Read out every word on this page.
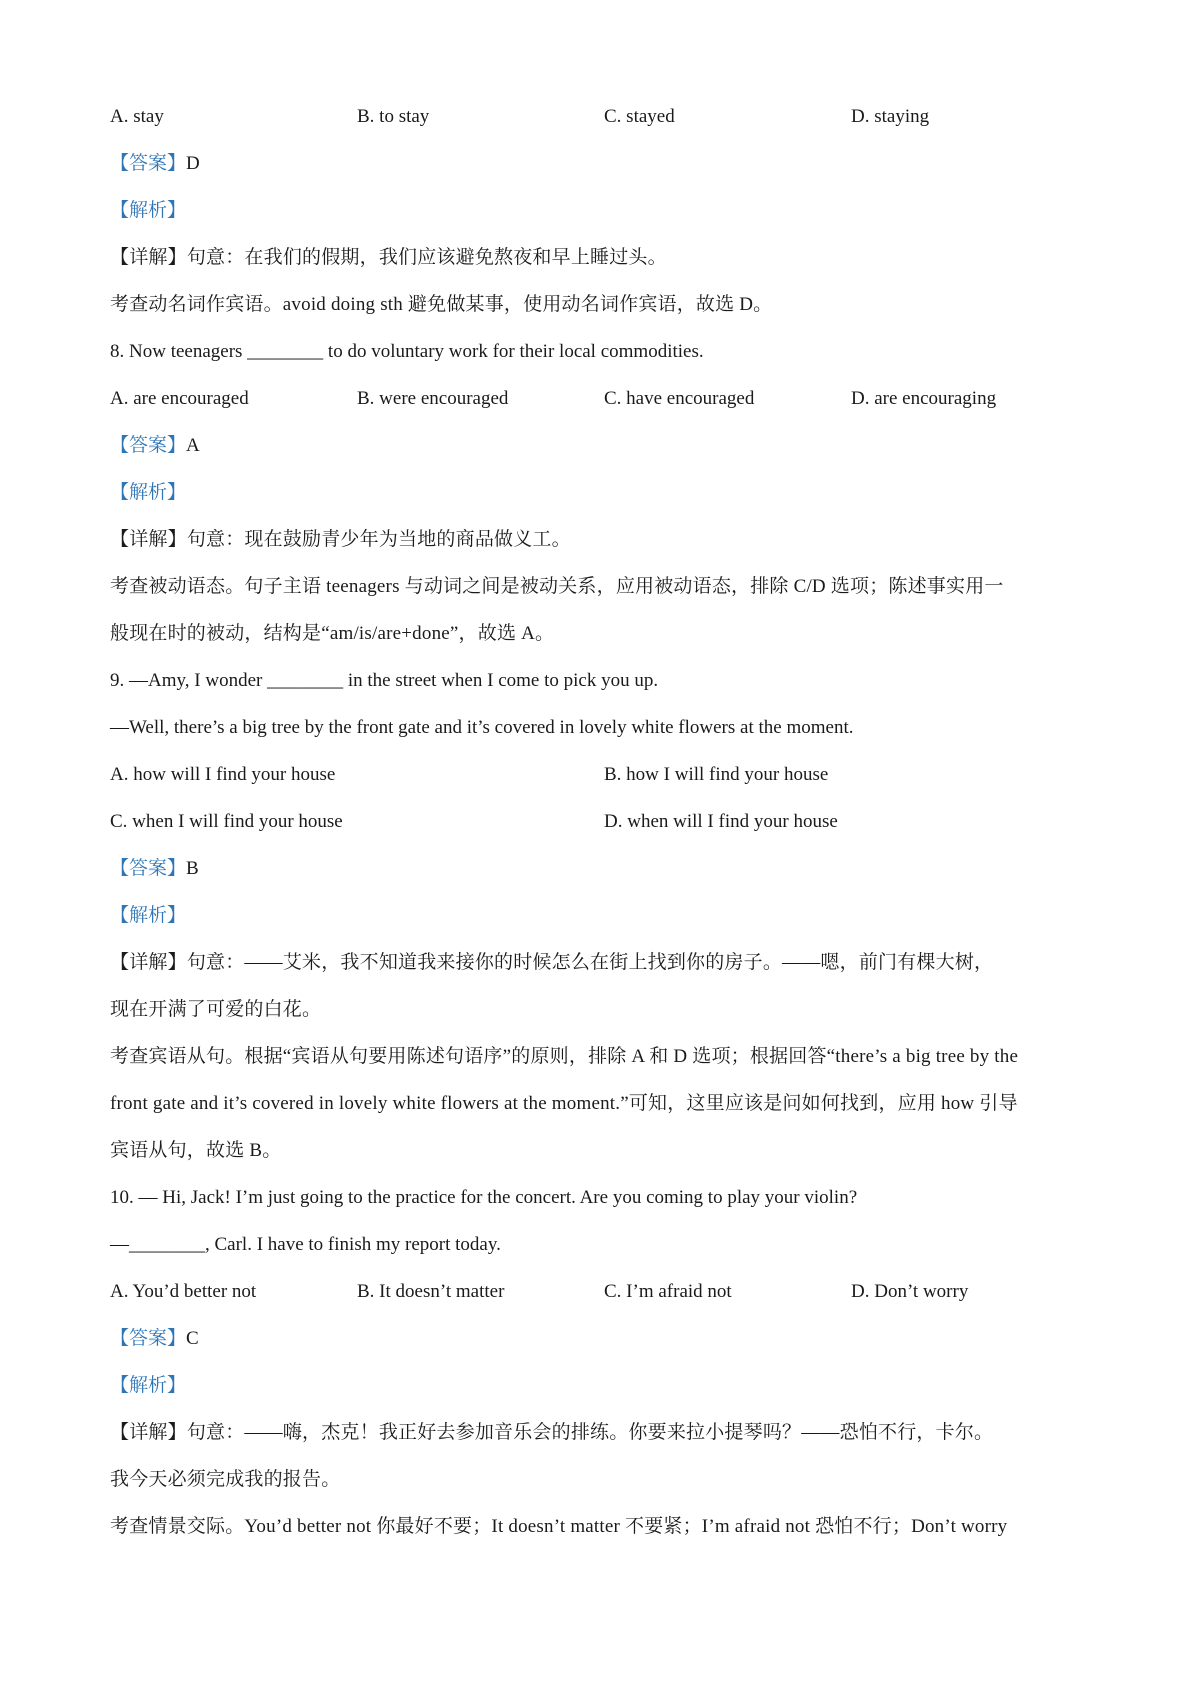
A. stay	B. to stay	C. stayed	D. staying
【答案】D
【解析】
【详解】句意：在我们的假期，我们应该避免熬夜和早上睡过头。
考查动名词作宾语。avoid doing sth 避免做某事，使用动名词作宾语，故选 D。
8. Now teenagers ________ to do voluntary work for their local commodities.
A. are encouraged	B. were encouraged	C. have encouraged	D. are encouraging
【答案】A
【解析】
【详解】句意：现在鼓励青少年为当地的商品做义工。
考查被动语态。句子主语 teenagers 与动词之间是被动关系，应用被动语态，排除 C/D 选项；陈述事实用一
般现在时的被动，结构是“am/is/are+done”，故选 A。
9. —Amy, I wonder ________ in the street when I come to pick you up.
—Well, there’s a big tree by the front gate and it’s covered in lovely white flowers at the moment.
A. how will I find your house	B. how I will find your house
C. when I will find your house	D. when will I find your house
【答案】B
【解析】
【详解】句意：——艾米，我不知道我来接你的时候怎么在街上找到你的房子。——嗯，前门有棵大树，
现在开满了可爱的白花。
考查宾语从句。根据“宾语从句要用陈述句语序”的原则，排除 A 和 D 选项；根据回答“there’s a big tree by the
front gate and it’s covered in lovely white flowers at the moment.”可知，这里应该是问如何找到，应用 how 引导
宾语从句，故选 B。
10. — Hi, Jack! I’m just going to the practice for the concert. Are you coming to play your violin?
—________, Carl. I have to finish my report today.
A. You’d better not	B. It doesn’t matter	C. I’m afraid not	D. Don’t worry
【答案】C
【解析】
【详解】句意：——嗨，杰克！我正好去参加音乐会的排练。你要来拉小提琴吗？——恐怕不行，卡尔。
我今天必须完成我的报告。
考查情景交际。You’d better not 你最好不要；It doesn’t matter 不要紧；I’m afraid not 恐怕不行；Don’t worry
